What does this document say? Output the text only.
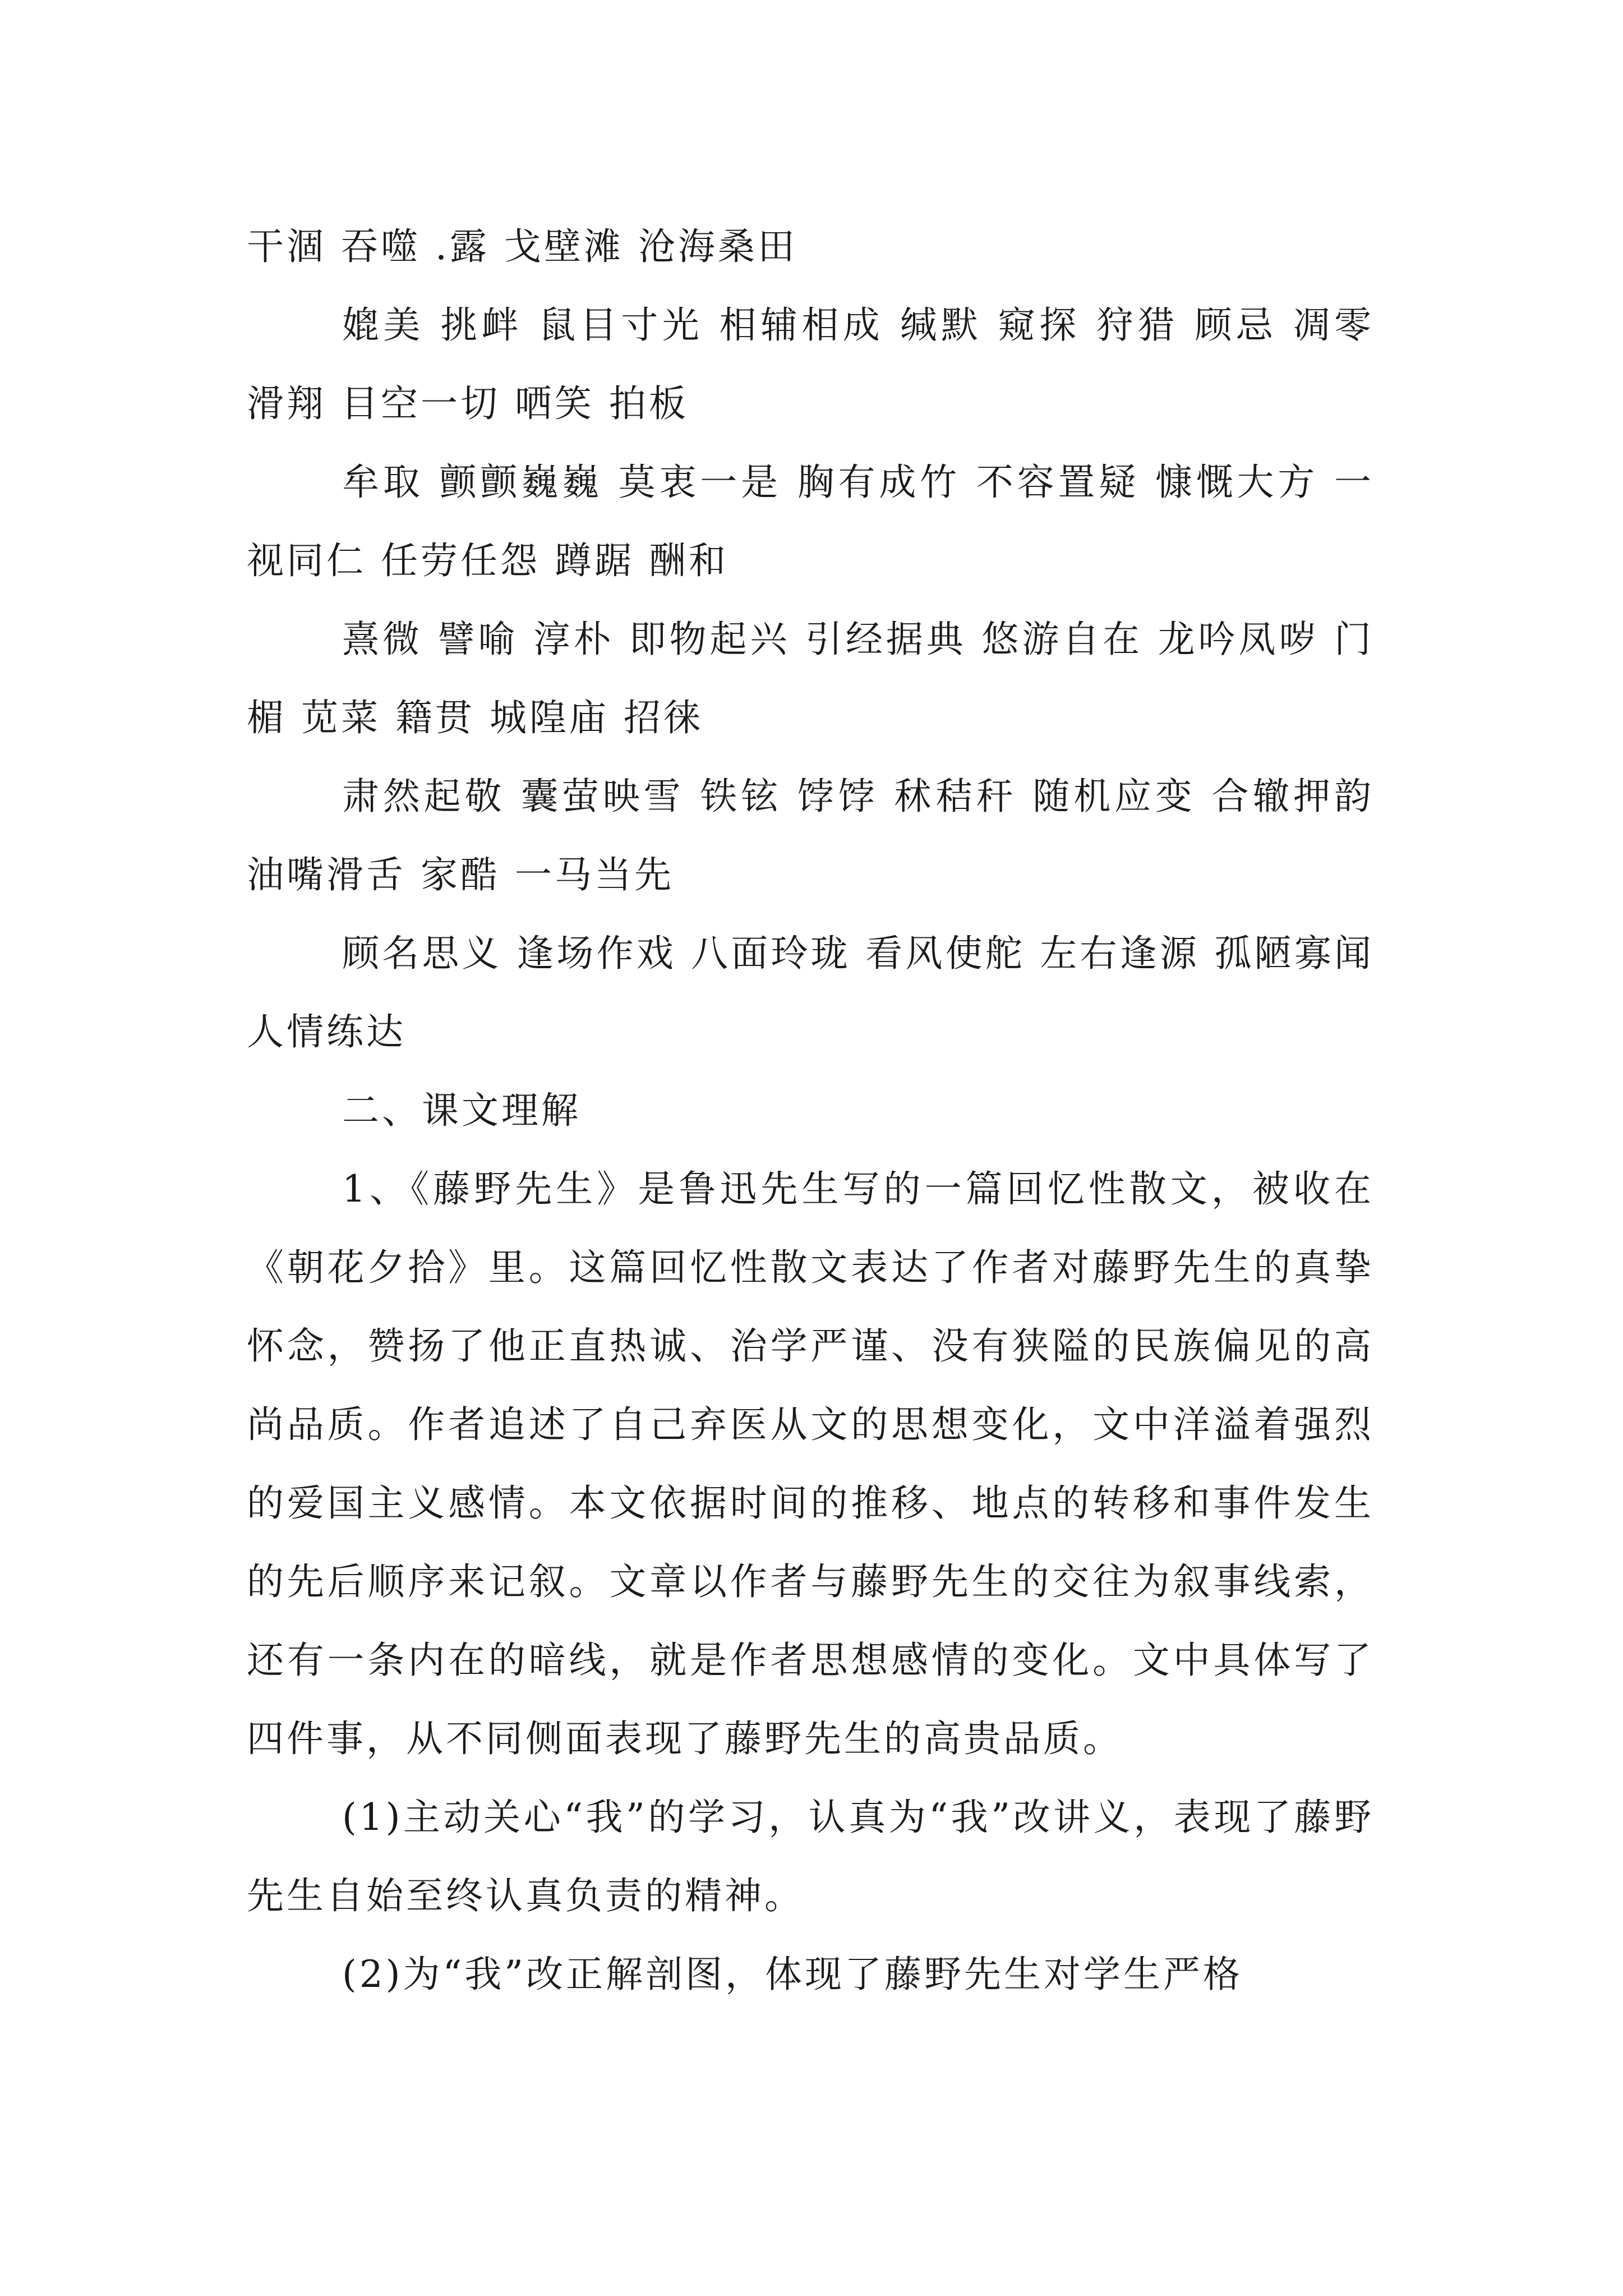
干涸 吞噬 .露 戈壁滩 沧海桑田

媲美 挑衅 鼠目寸光 相辅相成 缄默 窥探 狩猎 顾忌 凋零 滑翔 目空一切 哂笑 拍板

牟取 颤颤巍巍 莫衷一是 胸有成竹 不容置疑 慷慨大方 一视同仁 任劳任怨 蹲踞 酬和

熹微 譬喻 淳朴 即物起兴 引经据典 悠游自在 龙吟凤哕 门楣 苋菜 籍贯 城隍庙 招徕

肃然起敬 囊萤映雪 铁铉 饽饽 秫秸秆 随机应变 合辙押韵 油嘴滑舌 家酷 一马当先

顾名思义 逢场作戏 八面玲珑 看风使舵 左右逢源 孤陋寡闻 人情练达

二、课文理解

1、《藤野先生》是鲁迅先生写的一篇回忆性散文，被收在《朝花夕拾》里。这篇回忆性散文表达了作者对藤野先生的真挚怀念，赞扬了他正直热诚、治学严谨、没有狭隘的民族偏见的高尚品质。作者追述了自己弃医从文的思想变化，文中洋溢着强烈的爱国主义感情。本文依据时间的推移、地点的转移和事件发生的先后顺序来记叙。文章以作者与藤野先生的交往为叙事线索，还有一条内在的暗线，就是作者思想感情的变化。文中具体写了四件事，从不同侧面表现了藤野先生的高贵品质。

(1)主动关心“我”的学习，认真为“我”改讲义，表现了藤野先生自始至终认真负责的精神。

(2)为“我”改正解剖图，体现了藤野先生对学生严格
